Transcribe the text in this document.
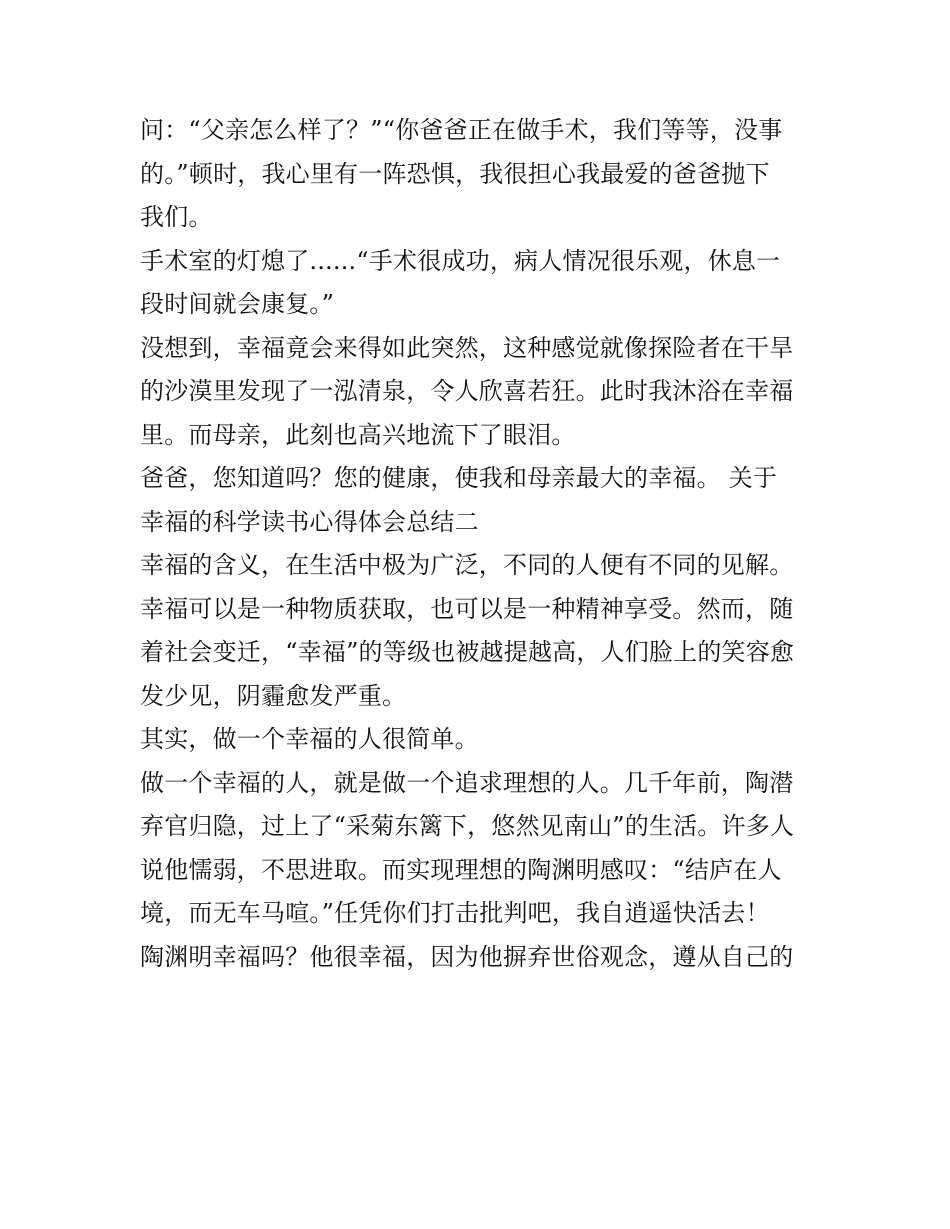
问：“父亲怎么样了？”“你爸爸正在做手术，我们等等，没事
的。”顿时，我心里有一阵恐惧，我很担心我最爱的爸爸抛下
我们。
手术室的灯熄了......“手术很成功，病人情况很乐观，休息一
段时间就会康复。”
没想到，幸福竟会来得如此突然，这种感觉就像探险者在干旱
的沙漠里发现了一泓清泉，令人欣喜若狂。此时我沐浴在幸福
里。而母亲，此刻也高兴地流下了眼泪。
爸爸，您知道吗？您的健康，使我和母亲最大的幸福。 关于
幸福的科学读书心得体会总结二
幸福的含义，在生活中极为广泛，不同的人便有不同的见解。
幸福可以是一种物质获取，也可以是一种精神享受。然而，随
着社会变迁，“幸福”的等级也被越提越高，人们脸上的笑容愈
发少见，阴霾愈发严重。
其实，做一个幸福的人很简单。
做一个幸福的人，就是做一个追求理想的人。几千年前，陶潜
弃官归隐，过上了“采菊东篱下，悠然见南山”的生活。许多人
说他懦弱，不思进取。而实现理想的陶渊明感叹：“结庐在人
境，而无车马喧。”任凭你们打击批判吧，我自逍遥快活去！
陶渊明幸福吗？他很幸福，因为他摒弃世俗观念，遵从自己的
